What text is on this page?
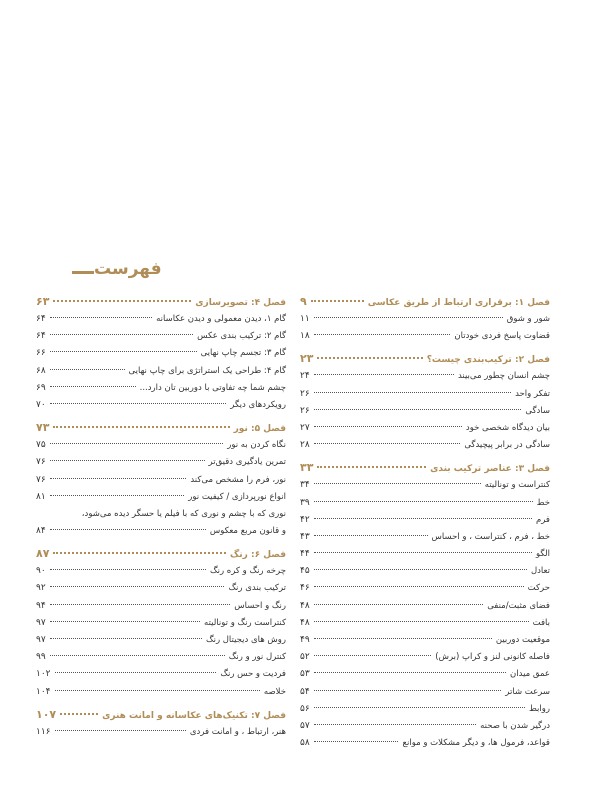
فهرست
فصل ۱: برقراری ارتباط از طریق عکاسی
۹
شور و شوق
۱۱
قضاوت پاسخ فردی خودتان
۱۸
فصل ۲: ترکیب‌بندی چیست؟
۲۳
چشم انسان چطور می‌بیند
۲۴
تفکر واحد
۲۶
سادگی
۲۶
بیان دیدگاه شخصی خود
۲۷
سادگی در برابر پیچیدگی
۲۸
فصل ۳: عناصر ترکیب بندی
۳۳
کنتراست و تونالیته
۳۴
خط
۳۹
فرم
۴۲
خط ، فرم ، کنتراست ، و احساس
۴۳
الگو
۴۴
تعادل
۴۵
حرکت
۴۶
فضای مثبت/منفی
۴۸
بافت
۴۸
موقعیت دوربین
۴۹
فاصله کانونی لنز و کراپ (برش)
۵۲
عمق میدان
۵۳
سرعت شاتر
۵۴
روابط
۵۶
درگیر شدن با صحنه
۵۷
قواعد، فرمول ها، و دیگر مشکلات و موانع
۵۸
فصل ۴: تصویرسازی
۶۳
گام ۱، دیدن معمولی و دیدن عکاسانه
۶۴
گام ۲: ترکیب بندی عکس
۶۴
گام ۳: تجسم چاپ نهایی
۶۶
گام ۴: طراحی یک استراتژی برای چاپ نهایی
۶۸
چشم شما چه تفاوتی با دوربین تان دارد...
۶۹
رویکردهای دیگر
۷۰
فصل ۵: نور
۷۳
نگاه کردن به نور
۷۵
تمرین یادگیری دقیق‌تر
۷۶
نور، فرم را مشخص می‌کند
۷۶
انواع نورپردازی / کیفیت نور
۸۱
نوری که با چشم و نوری که با فیلم یا حسگر دیده می‌شود،
و قانون مربع معکوس
۸۴
فصل ۶: رنگ
۸۷
چرخه رنگ و کره رنگ
۹۰
ترکیب بندی رنگ
۹۲
رنگ و احساس
۹۴
کنتراست رنگ و تونالیته
۹۷
روش های دیجیتال رنگ
۹۷
کنترل نور و رنگ
۹۹
فردیت و حس رنگ
۱۰۲
خلاصه
۱۰۴
فصل ۷: تکنیک‌های عکاسانه و امانت هنری
۱۰۷
هنر، ارتباط ، و امانت فردی
۱۱۶
